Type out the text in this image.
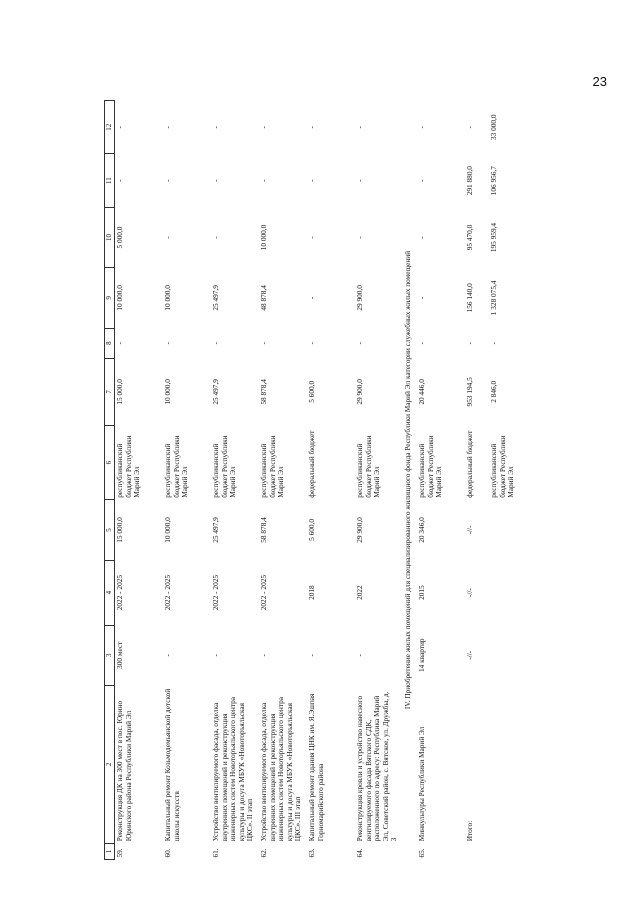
23
1	2	3	4	5	6	7	8	9	10	11	12
59.	Реконструкция ДК на 300 мест в пос. Юрино Юринского района Республики Марий Эл	300 мест	2022 - 2025	15 000,0	республиканский бюджет Республики Марий Эл	15 000,0	-	10 000,0	5 000,0	-	-
60.	Капитальный ремонт Козьмодемьянской детской школы искусств	-	2022 - 2025	10 000,0	республиканский бюджет Республики Марий Эл	10 000,0	-	10 000,0	-	-	-
61.	Устройство вентилируемого фасада, отделка внутренних помещений и реконструкция инженерных систем Новоторъяльского центра культуры и досуга МБУК «Новоторъяльская ЦКС». II этап	-	2022 - 2025	25 497,9	республиканский бюджет Республики Марий Эл	25 497,9	-	25 497,9	-	-	-
62.	Устройство вентилируемого фасада, отделка внутренних помещений и реконструкция инженерных систем Новоторъяльского центра культуры и досуга МБУК «Новоторъяльская ЦКС». III этап	-	2022 - 2025	58 878,4	республиканский бюджет Республики Марий Эл	58 878,4	-	48 878,4	10 000,0	-	-
63.	Капитальный ремонт здания ЦНК им. Я.Эшпая Горномарийского района	-	2018	5 600,0	федеральный бюджет	5 600,0	-	-	-	-	-
64.	Реконструкция кровли и устройство навесного вентилируемого фасада Вятского СДК, расположенного по адресу: Республика Марий Эл, Советский район, с. Вятское, ул. Дружбы, д. 3	-	2022	29 900,0	республиканский бюджет Республики Марий Эл	29 900,0	-	29 900,0	-	-	-
IV. Приобретение жилых помещений для специализированного жилищного фонда Республики Марий Эл категории служебных жилых помещений											
65.	Минкультуры Республики Марий Эл	14 квартир	2015	20 346,0	республиканский бюджет Республики Марий Эл	20 446,0	-	-	-	-	-
	Итого:	-//-	-//-	-//-	федеральный бюджет	953 194,5	-	156 140,0	95 470,0	291 880,0	-
					республиканский бюджет Республики Марий Эл	2 846,0	-	1 328 075,4	195 959,4	106 956,7	33 000,0
